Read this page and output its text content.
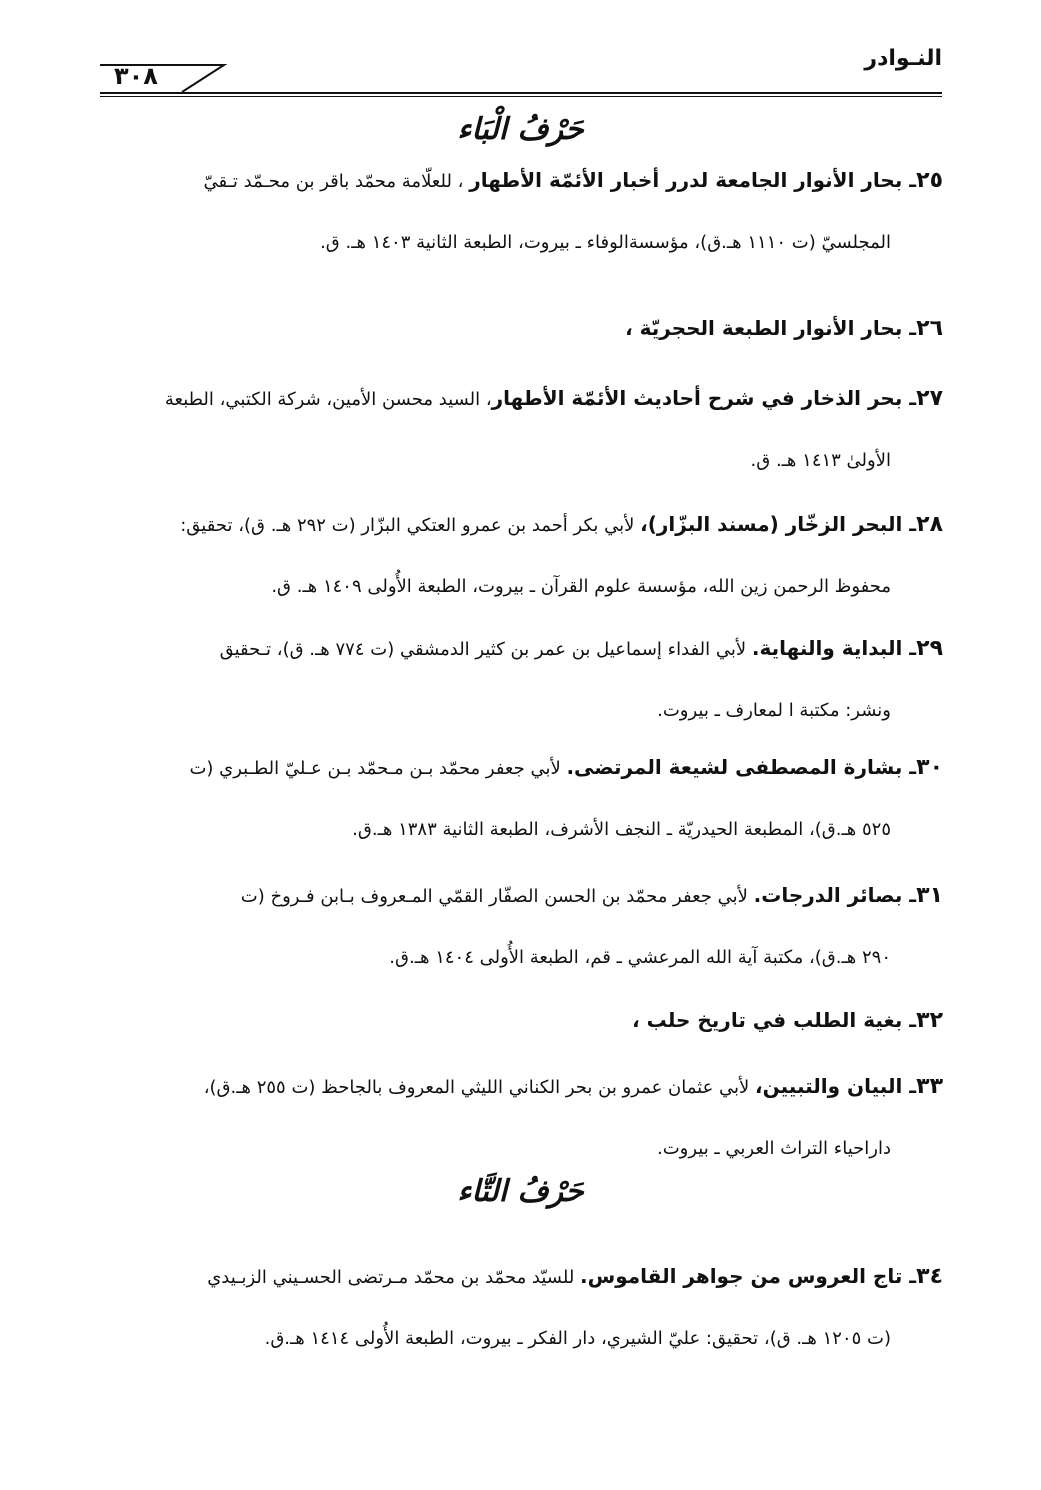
النـوادر
٣٠٨
حَرْفُ الْبَاء
٢٥ـ بحار الأنوار الجامعة لدرر أخبار الأئمّة الأطهار ، للعلّامة محمّد باقر بن محـمّد تـقيّ
المجلسيّ (ت ١١١٠ هـ.ق)، مؤسسةالوفاء ـ بيروت، الطبعة الثانية ١٤٠٣ هـ. ق.
٢٦ـ بحار الأنوار الطبعة الحجريّة ،
٢٧ـ بحر الذخار في شرح أحاديث الأئمّة الأطهار، السيد محسن الأمين، شركة الكتبي، الطبعة
الأولىٰ ١٤١٣ هـ. ق.
٢٨ـ البحر الزخّار (مسند البزّار)، لأبي بكر أحمد بن عمرو العتكي البزّار (ت ٢٩٢ هـ. ق)، تحقيق:
محفوظ الرحمن زين الله، مؤسسة علوم القرآن ـ بيروت، الطبعة الأُولى ١٤٠٩ هـ. ق.
٢٩ـ البداية والنهاية. لأبي الفداء إسماعيل بن عمر بن كثير الدمشقي (ت ٧٧٤ هـ. ق)، تـحقيق
ونشر: مكتبة ا لمعارف ـ بيروت.
٣٠ـ بشارة المصطفى لشيعة المرتضى. لأبي جعفر محمّد بـن مـحمّد بـن عـليّ الطـبري (ت
٥٢٥ هـ.ق)، المطبعة الحيدريّة ـ النجف الأشرف، الطبعة الثانية ١٣٨٣ هـ.ق.
٣١ـ بصائر الدرجات. لأبي جعفر محمّد بن الحسن الصفّار القمّي المـعروف بـابن فـروخ (ت
٢٩٠ هـ.ق)، مكتبة آية الله المرعشي ـ قم، الطبعة الأُولى ١٤٠٤ هـ.ق.
٣٢ـ بغية الطلب في تاريخ حلب ،
٣٣ـ البيان والتبيين، لأبي عثمان عمرو بن بحر الكناني الليثي المعروف بالجاحظ (ت ٢٥٥ هـ.ق)،
داراحياء التراث العربي ـ بيروت.
حَرْفُ التَّاء
٣٤ـ تاج العروس من جواهر القاموس. للسيّد محمّد بن محمّد مـرتضى الحسـيني الزبـيدي
(ت ١٢٠٥ هـ. ق)، تحقيق: عليّ الشيري، دار الفكر ـ بيروت، الطبعة الأُولى ١٤١٤ هـ.ق.
